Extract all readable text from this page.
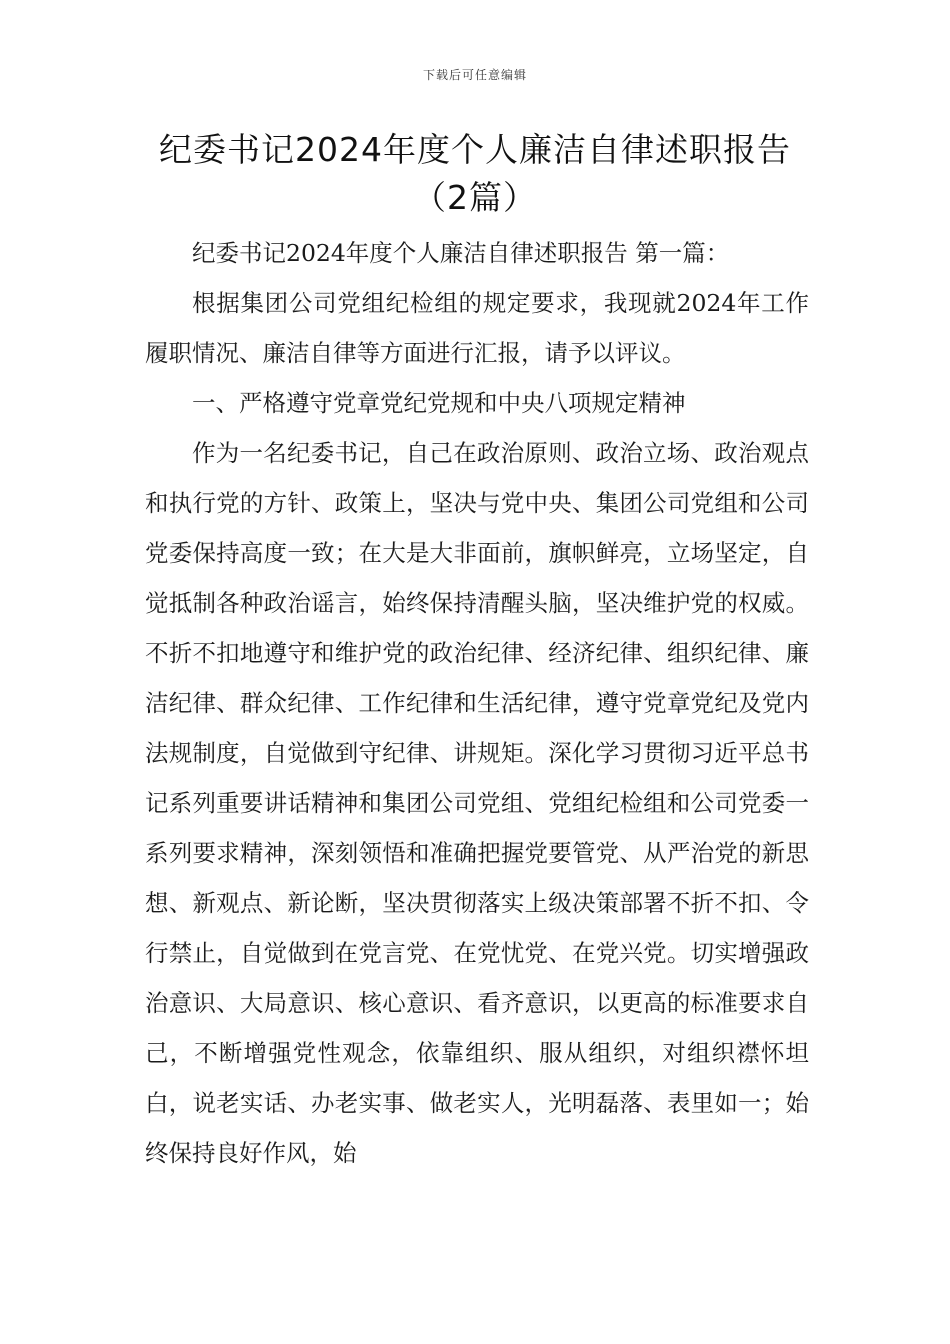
下载后可任意编辑
纪委书记2024年度个人廉洁自律述职报告
（2篇）

纪委书记2024年度个人廉洁自律述职报告 第一篇：

根据集团公司党组纪检组的规定要求，我现就2024年工作履职情况、廉洁自律等方面进行汇报，请予以评议。

一、严格遵守党章党纪党规和中央八项规定精神

作为一名纪委书记，自己在政治原则、政治立场、政治观点和执行党的方针、政策上，坚决与党中央、集团公司党组和公司党委保持高度一致；在大是大非面前，旗帜鲜亮，立场坚定，自觉抵制各种政治谣言，始终保持清醒头脑，坚决维护党的权威。不折不扣地遵守和维护党的政治纪律、经济纪律、组织纪律、廉洁纪律、群众纪律、工作纪律和生活纪律，遵守党章党纪及党内法规制度，自觉做到守纪律、讲规矩。深化学习贯彻习近平总书记系列重要讲话精神和集团公司党组、党组纪检组和公司党委一系列要求精神，深刻领悟和准确把握党要管党、从严治党的新思想、新观点、新论断，坚决贯彻落实上级决策部署不折不扣、令行禁止，自觉做到在党言党、在党忧党、在党兴党。切实增强政治意识、大局意识、核心意识、看齐意识，以更高的标准要求自己，不断增强党性观念，依靠组织、服从组织，对组织襟怀坦白，说老实话、办老实事、做老实人，光明磊落、表里如一；始终保持良好作风，始
